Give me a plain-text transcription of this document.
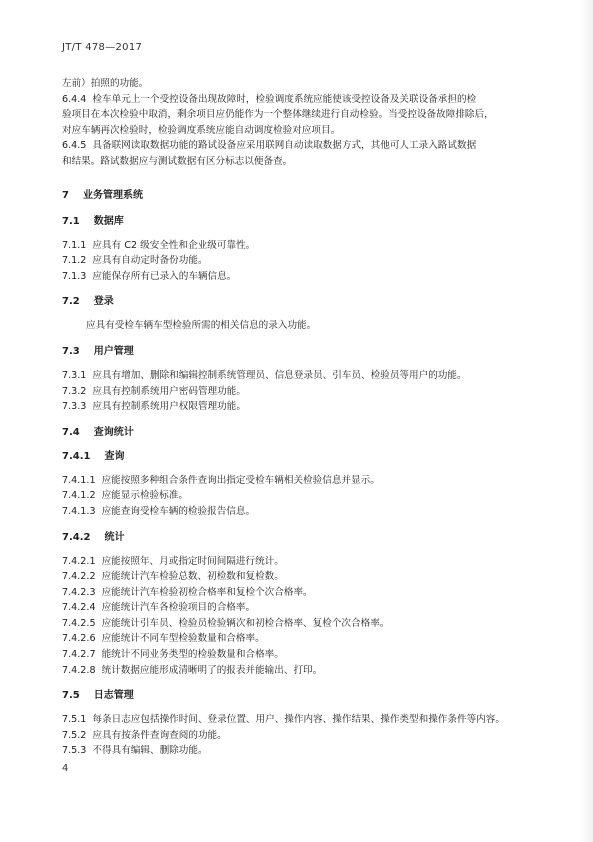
JT/T 478—2017
左前）拍照的功能。
6.4.4 检车单元上一个受控设备出现故障时，检验调度系统应能使该受控设备及关联设备承担的检
验项目在本次检验中取消，剩余项目应仍能作为一个整体继续进行自动检验。当受控设备故障排除后，
对应车辆再次检验时，检验调度系统应能自动调度检验对应项目。
6.4.5 具备联网读取数据功能的路试设备应采用联网自动读取数据方式，其他可人工录入路试数据
和结果。路试数据应与测试数据有区分标志以便备查。
7 业务管理系统
7.1 数据库
7.1.1 应具有 C2 级安全性和企业级可靠性。
7.1.2 应具有自动定时备份功能。
7.1.3 应能保存所有已录入的车辆信息。
7.2 登录
应具有受检车辆车型检验所需的相关信息的录入功能。
7.3 用户管理
7.3.1 应具有增加、删除和编辑控制系统管理员、信息登录员、引车员、检验员等用户的功能。
7.3.2 应具有控制系统用户密码管理功能。
7.3.3 应具有控制系统用户权限管理功能。
7.4 查询统计
7.4.1 查询
7.4.1.1 应能按照多种组合条件查询出指定受检车辆相关检验信息并显示。
7.4.1.2 应能显示检验标准。
7.4.1.3 应能查询受检车辆的检验报告信息。
7.4.2 统计
7.4.2.1 应能按照年、月或指定时间间隔进行统计。
7.4.2.2 应能统计汽车检验总数、初检数和复检数。
7.4.2.3 应能统计汽车检验初检合格率和复检个次合格率。
7.4.2.4 应能统计汽车各检验项目的合格率。
7.4.2.5 应能统计引车员、检验员检验辆次和初检合格率、复检个次合格率。
7.4.2.6 应能统计不同车型检验数量和合格率。
7.4.2.7 能统计不同业务类型的检验数量和合格率。
7.4.2.8 统计数据应能形成清晰明了的报表并能输出、打印。
7.5 日志管理
7.5.1 每条日志应包括操作时间、登录位置、用户、操作内容、操作结果、操作类型和操作条件等内容。
7.5.2 应具有按条件查询查阅的功能。
7.5.3 不得具有编辑、删除功能。
4
